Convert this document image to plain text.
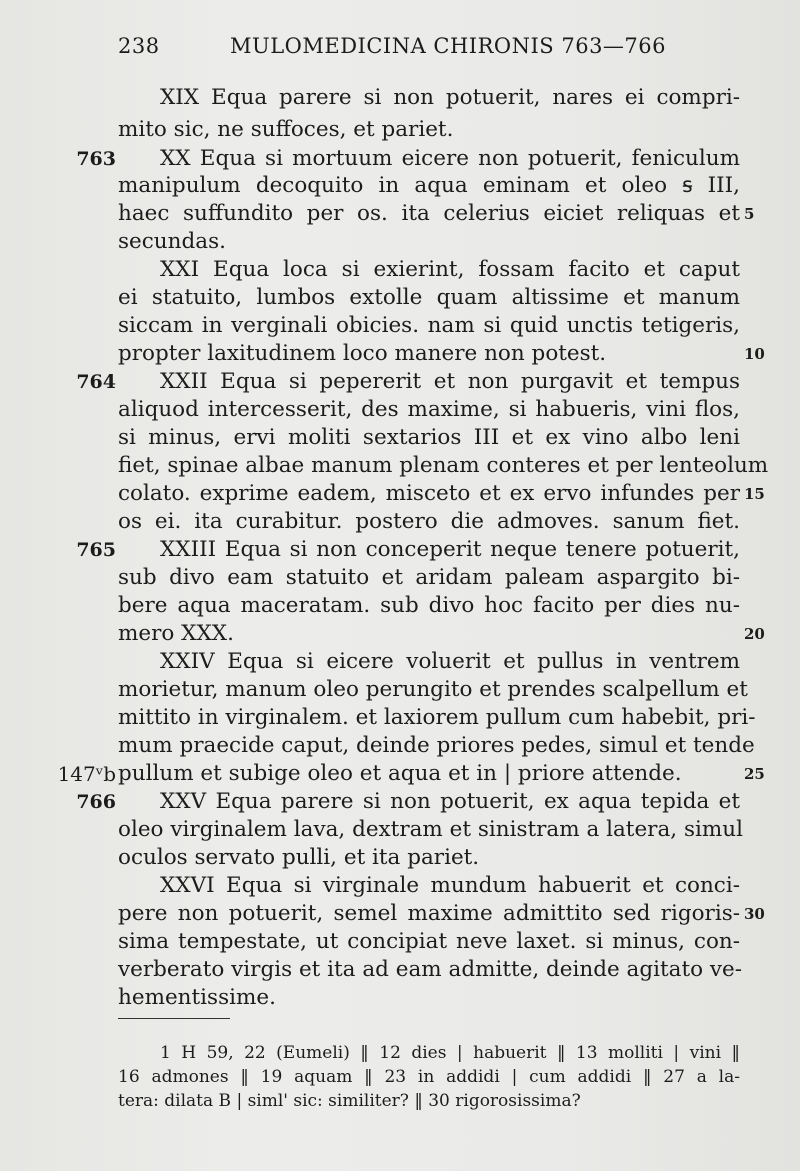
238	MULOMEDICINA CHIRONIS 763—766
XIX Equa parere si non potuerit, nares ei compri-
mito sic, ne suffoces, et pariet.
XX Equa si mortuum eicere non potuerit, feniculum
manipulum decoquito in aqua eminam et oleo ꟊ III,
haec suffundito per os. ita celerius eiciet reliquas et
secundas.
XXI Equa loca si exierint, fossam facito et caput
ei statuito, lumbos extolle quam altissime et manum
siccam in verginali obicies. nam si quid unctis tetigeris,
propter laxitudinem loco manere non potest.
XXII Equa si pepererit et non purgavit et tempus
aliquod intercesserit, des maxime, si habueris, vini flos,
si minus, ervi moliti sextarios III et ex vino albo leni
fiet, spinae albae manum plenam conteres et per lenteolum
colato. exprime eadem, misceto et ex ervo infundes per
os ei. ita curabitur. postero die admoves. sanum fiet.
XXIII Equa si non conceperit neque tenere potuerit,
sub divo eam statuito et aridam paleam aspargito bi-
bere aqua maceratam. sub divo hoc facito per dies nu-
mero XXX.
XXIV Equa si eicere voluerit et pullus in ventrem
morietur, manum oleo perungito et prendes scalpellum et
mittito in virginalem. et laxiorem pullum cum habebit, pri-
mum praecide caput, deinde priores pedes, simul et tende
pullum et subige oleo et aqua et in | priore attende.
XXV Equa parere si non potuerit, ex aqua tepida et
oleo virginalem lava, dextram et sinistram a latera, simul
oculos servato pulli, et ita pariet.
XXVI Equa si virginale mundum habuerit et conci-
pere non potuerit, semel maxime admittito sed rigoris-
sima tempestate, ut concipiat neve laxet. si minus, con-
verberato virgis et ita ad eam admitte, deinde agitato ve-
hementissime.
763
764
765
147ᵛb
766
5
10
15
20
25
30
1 H 59, 22 (Eumeli) ‖ 12 dies | habuerit ‖ 13 molliti | vini ‖
16 admones ‖ 19 aquam ‖ 23 in addidi | cum addidi ‖ 27 a la-
tera: dilata B | siml' sic: similiter? ‖ 30 rigorosissima?
